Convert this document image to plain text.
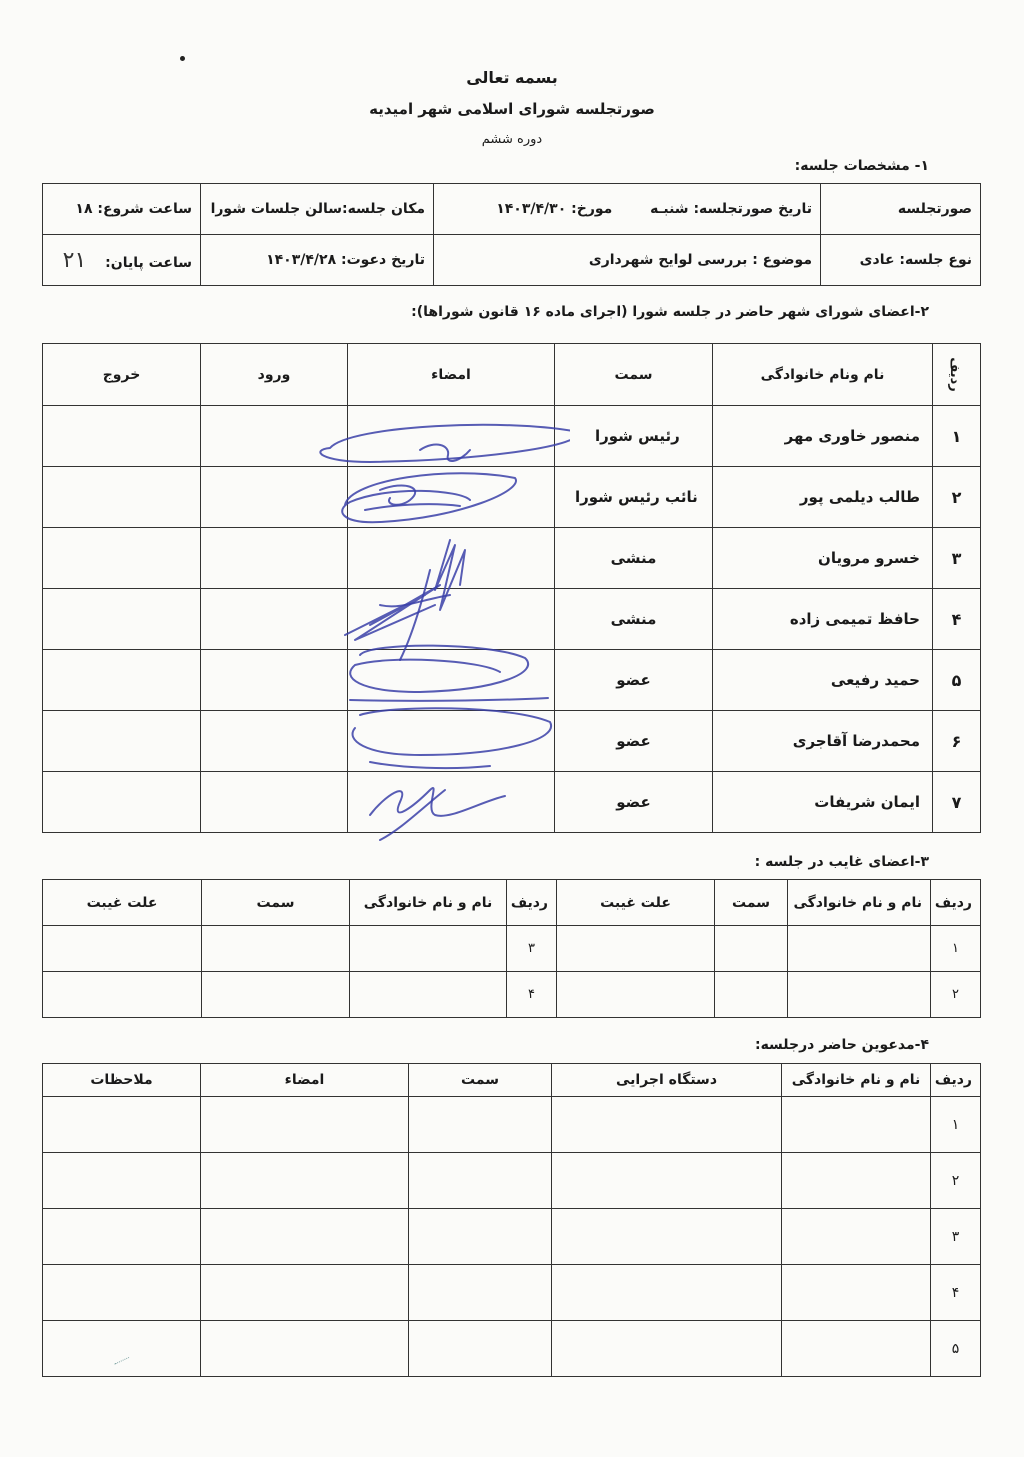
بسمه تعالی
صورتجلسه شورای اسلامی شهر امیدیه
دوره ششم
۱- مشخصات جلسه:
صورتجلسه	تاریخ صورتجلسه: شنبـه  مورخ: ۱۴۰۳/۴/۳۰	مکان جلسه:سالن جلسات شورا	ساعت شروع: ۱۸
نوع جلسه: عادی	موضوع : بررسی لوایح شهرداری	تاریخ دعوت: ۱۴۰۳/۴/۲۸	ساعت پایان: ۲۱
۲-اعضای شورای شهر حاضر در جلسه شورا (اجرای ماده ۱۶ قانون شوراها):
ردیف	نام ونام خانوادگی	سمت	امضاء	ورود	خروج
۱	منصور خاوری مهر	رئیس شورا			
۲	طالب دیلمی پور	نائب رئیس شورا			
۳	خسرو مرویان	منشی			
۴	حافظ تمیمی زاده	منشی			
۵	حمید رفیعی	عضو			
۶	محمدرضا آقاجری	عضو			
۷	ایمان شریفات	عضو			
۳-اعضای غایب در جلسه :
ردیف	نام و نام خانوادگی	سمت	علت غیبت	ردیف	نام و نام خانوادگی	سمت	علت غیبت
۱				۳			
۲				۴			
۴-مدعوین حاضر درجلسه:
ردیف	نام و نام خانوادگی	دستگاه اجرایی	سمت	امضاء	ملاحظات
۱					
۲					
۳					
۴					
۵					
